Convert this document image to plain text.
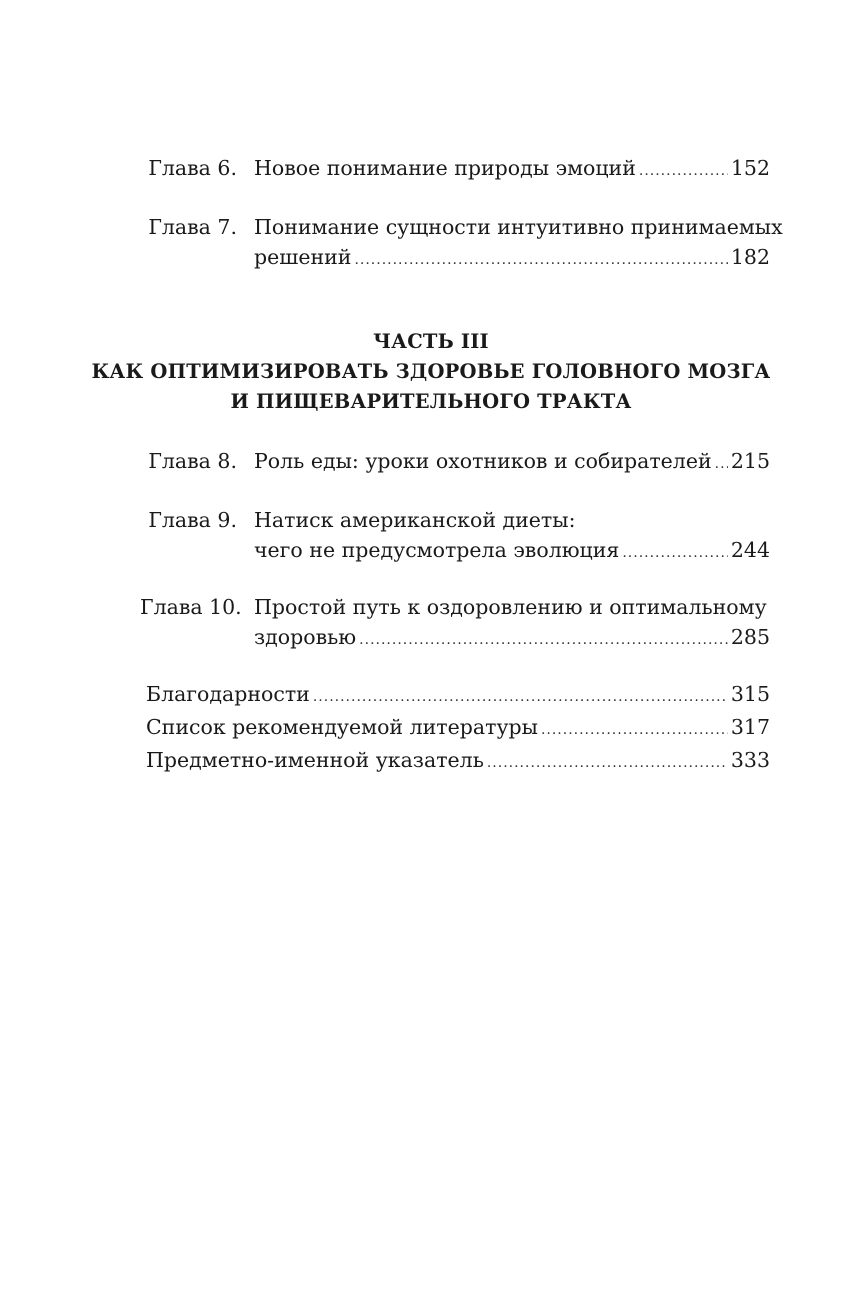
Глава 6. Новое понимание природы эмоций .....	152
Глава 7. Понимание сущности интуитивно принимаемых
решений .....	182
ЧАСТЬ III
КАК ОПТИМИЗИРОВАТЬ ЗДОРОВЬЕ ГОЛОВНОГО МОЗГА
И ПИЩЕВАРИТЕЛЬНОГО ТРАКТА
Глава 8. Роль еды: уроки охотников и собирателей ..... 215
Глава 9. Натиск американской диеты:
чего не предусмотрела эволюция .....	244
Глава 10. Простой путь к оздоровлению и оптимальному
здоровью .....	285
Благодарности .....	315
Список рекомендуемой литературы .....	317
Предметно-именной указатель .....	333
